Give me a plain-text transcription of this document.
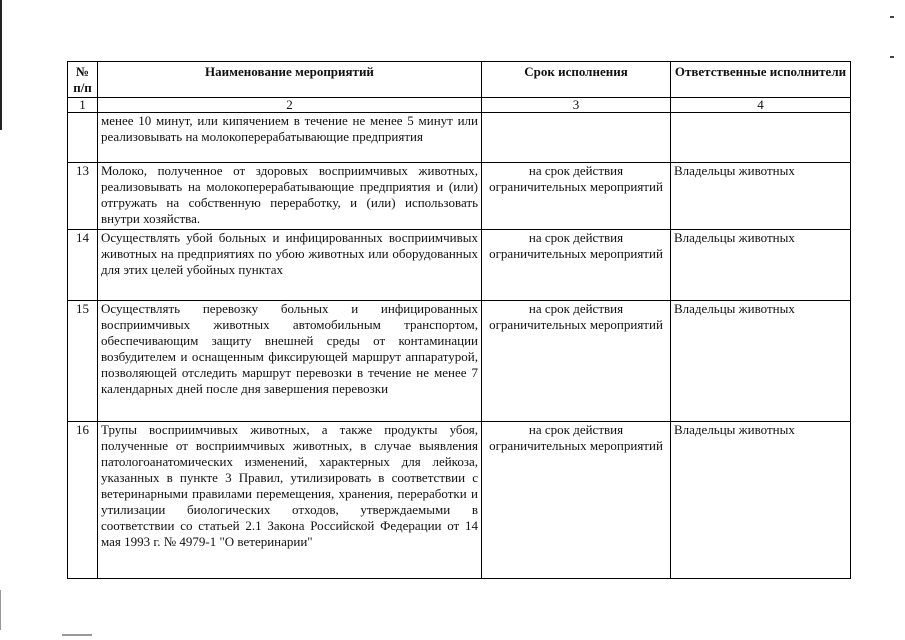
№ п/п	Наименование мероприятий	Срок исполнения	Ответственные исполнители
1	2	3	4
	менее 10 минут, или кипячением в течение не менее 5 минут или реализовывать на молокоперерабатывающие предприятия		
13	Молоко, полученное от здоровых восприимчивых животных, реализовывать на молокоперерабатывающие предприятия и (или) отгружать на собственную переработку, и (или) использовать внутри хозяйства.	на срок действия ограничительных мероприятий	Владельцы животных
14	Осуществлять убой больных и инфицированных восприимчивых животных на предприятиях по убою животных или оборудованных для этих целей убойных пунктах	на срок действия ограничительных мероприятий	Владельцы животных
15	Осуществлять перевозку больных и инфицированных восприимчивых животных автомобильным транспортом, обеспечивающим защиту внешней среды от контаминации возбудителем и оснащенным фиксирующей маршрут аппаратурой, позволяющей отследить маршрут перевозки в течение не менее 7 календарных дней после дня завершения перевозки	на срок действия ограничительных мероприятий	Владельцы животных
16	Трупы восприимчивых животных, а также продукты убоя, полученные от восприимчивых животных, в случае выявления патологоанатомических изменений, характерных для лейкоза, указанных в пункте 3 Правил, утилизировать в соответствии с ветеринарными правилами перемещения, хранения, переработки и утилизации биологических отходов, утверждаемыми в соответствии со статьей 2.1 Закона Российской Федерации от 14 мая 1993 г. № 4979-1 "О ветеринарии"	на срок действия ограничительных мероприятий	Владельцы животных
